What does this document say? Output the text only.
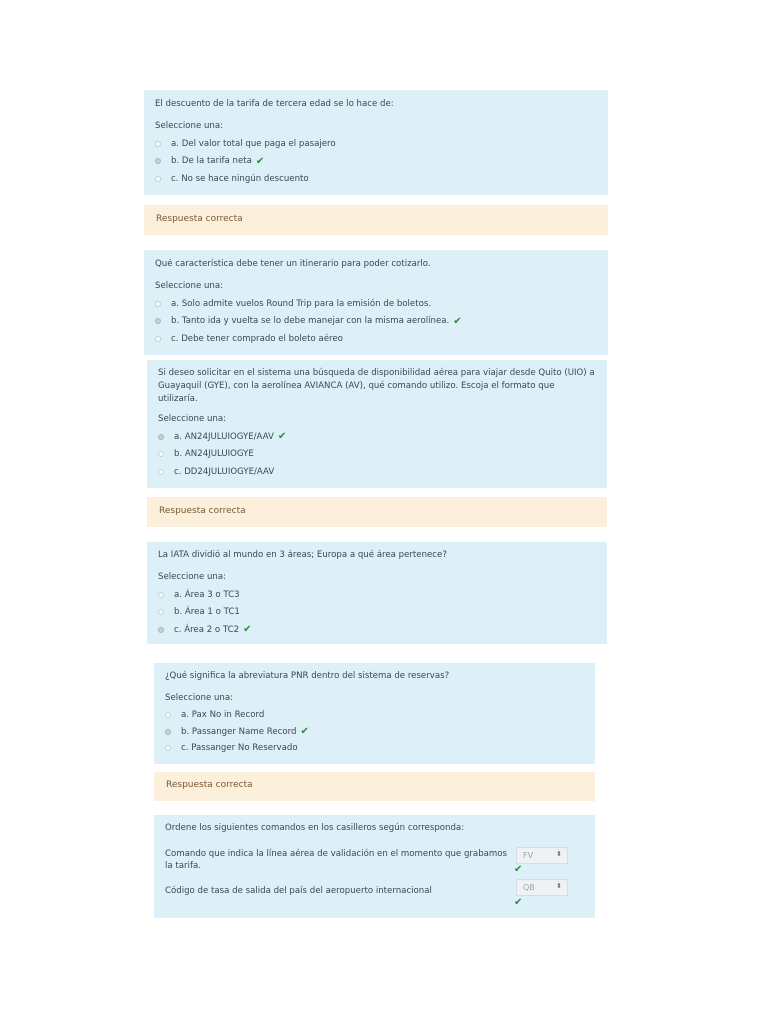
El descuento de la tarifa de tercera edad se lo hace de:

Seleccione una:

a. Del valor total que paga el pasajero
b. De la tarifa neta ✔
c. No se hace ningún descuento
Respuesta correcta

Qué característica debe tener un itinerario para poder cotizarlo.

Seleccione una:

a. Solo admite vuelos Round Trip para la emisión de boletos.
b. Tanto ida y vuelta se lo debe manejar con la misma aerolínea. ✔
c. Debe tener comprado el boleto aéreo

Si deseo solicitar en el sistema una búsqueda de disponibilidad aérea para viajar desde Quito (UIO) a Guayaquil (GYE), con la aerolínea AVIANCA (AV), qué comando utilizo. Escoja el formato que utilizaría.

Seleccione una:

a. AN24JULUIOGYE/AAV ✔
b. AN24JULUIOGYE
c. DD24JULUIOGYE/AAV
Respuesta correcta

La IATA dividió al mundo en 3 áreas; Europa a qué área pertenece?

Seleccione una:

a. Área 3 o TC3
b. Área 1 o TC1
c. Área 2 o TC2 ✔

¿Qué significa la abreviatura PNR dentro del sistema de reservas?

Seleccione una:

a. Pax No in Record
b. Passanger Name Record ✔
c. Passanger No Reservado
Respuesta correcta

Ordene los siguientes comandos en los casilleros según corresponda:

Comando que indica la línea aérea de validación en el momento que grabamos la tarifa.
FV	⬍
✔
Código de tasa de salida del país del aeropuerto internacional	QB	⬍
✔
